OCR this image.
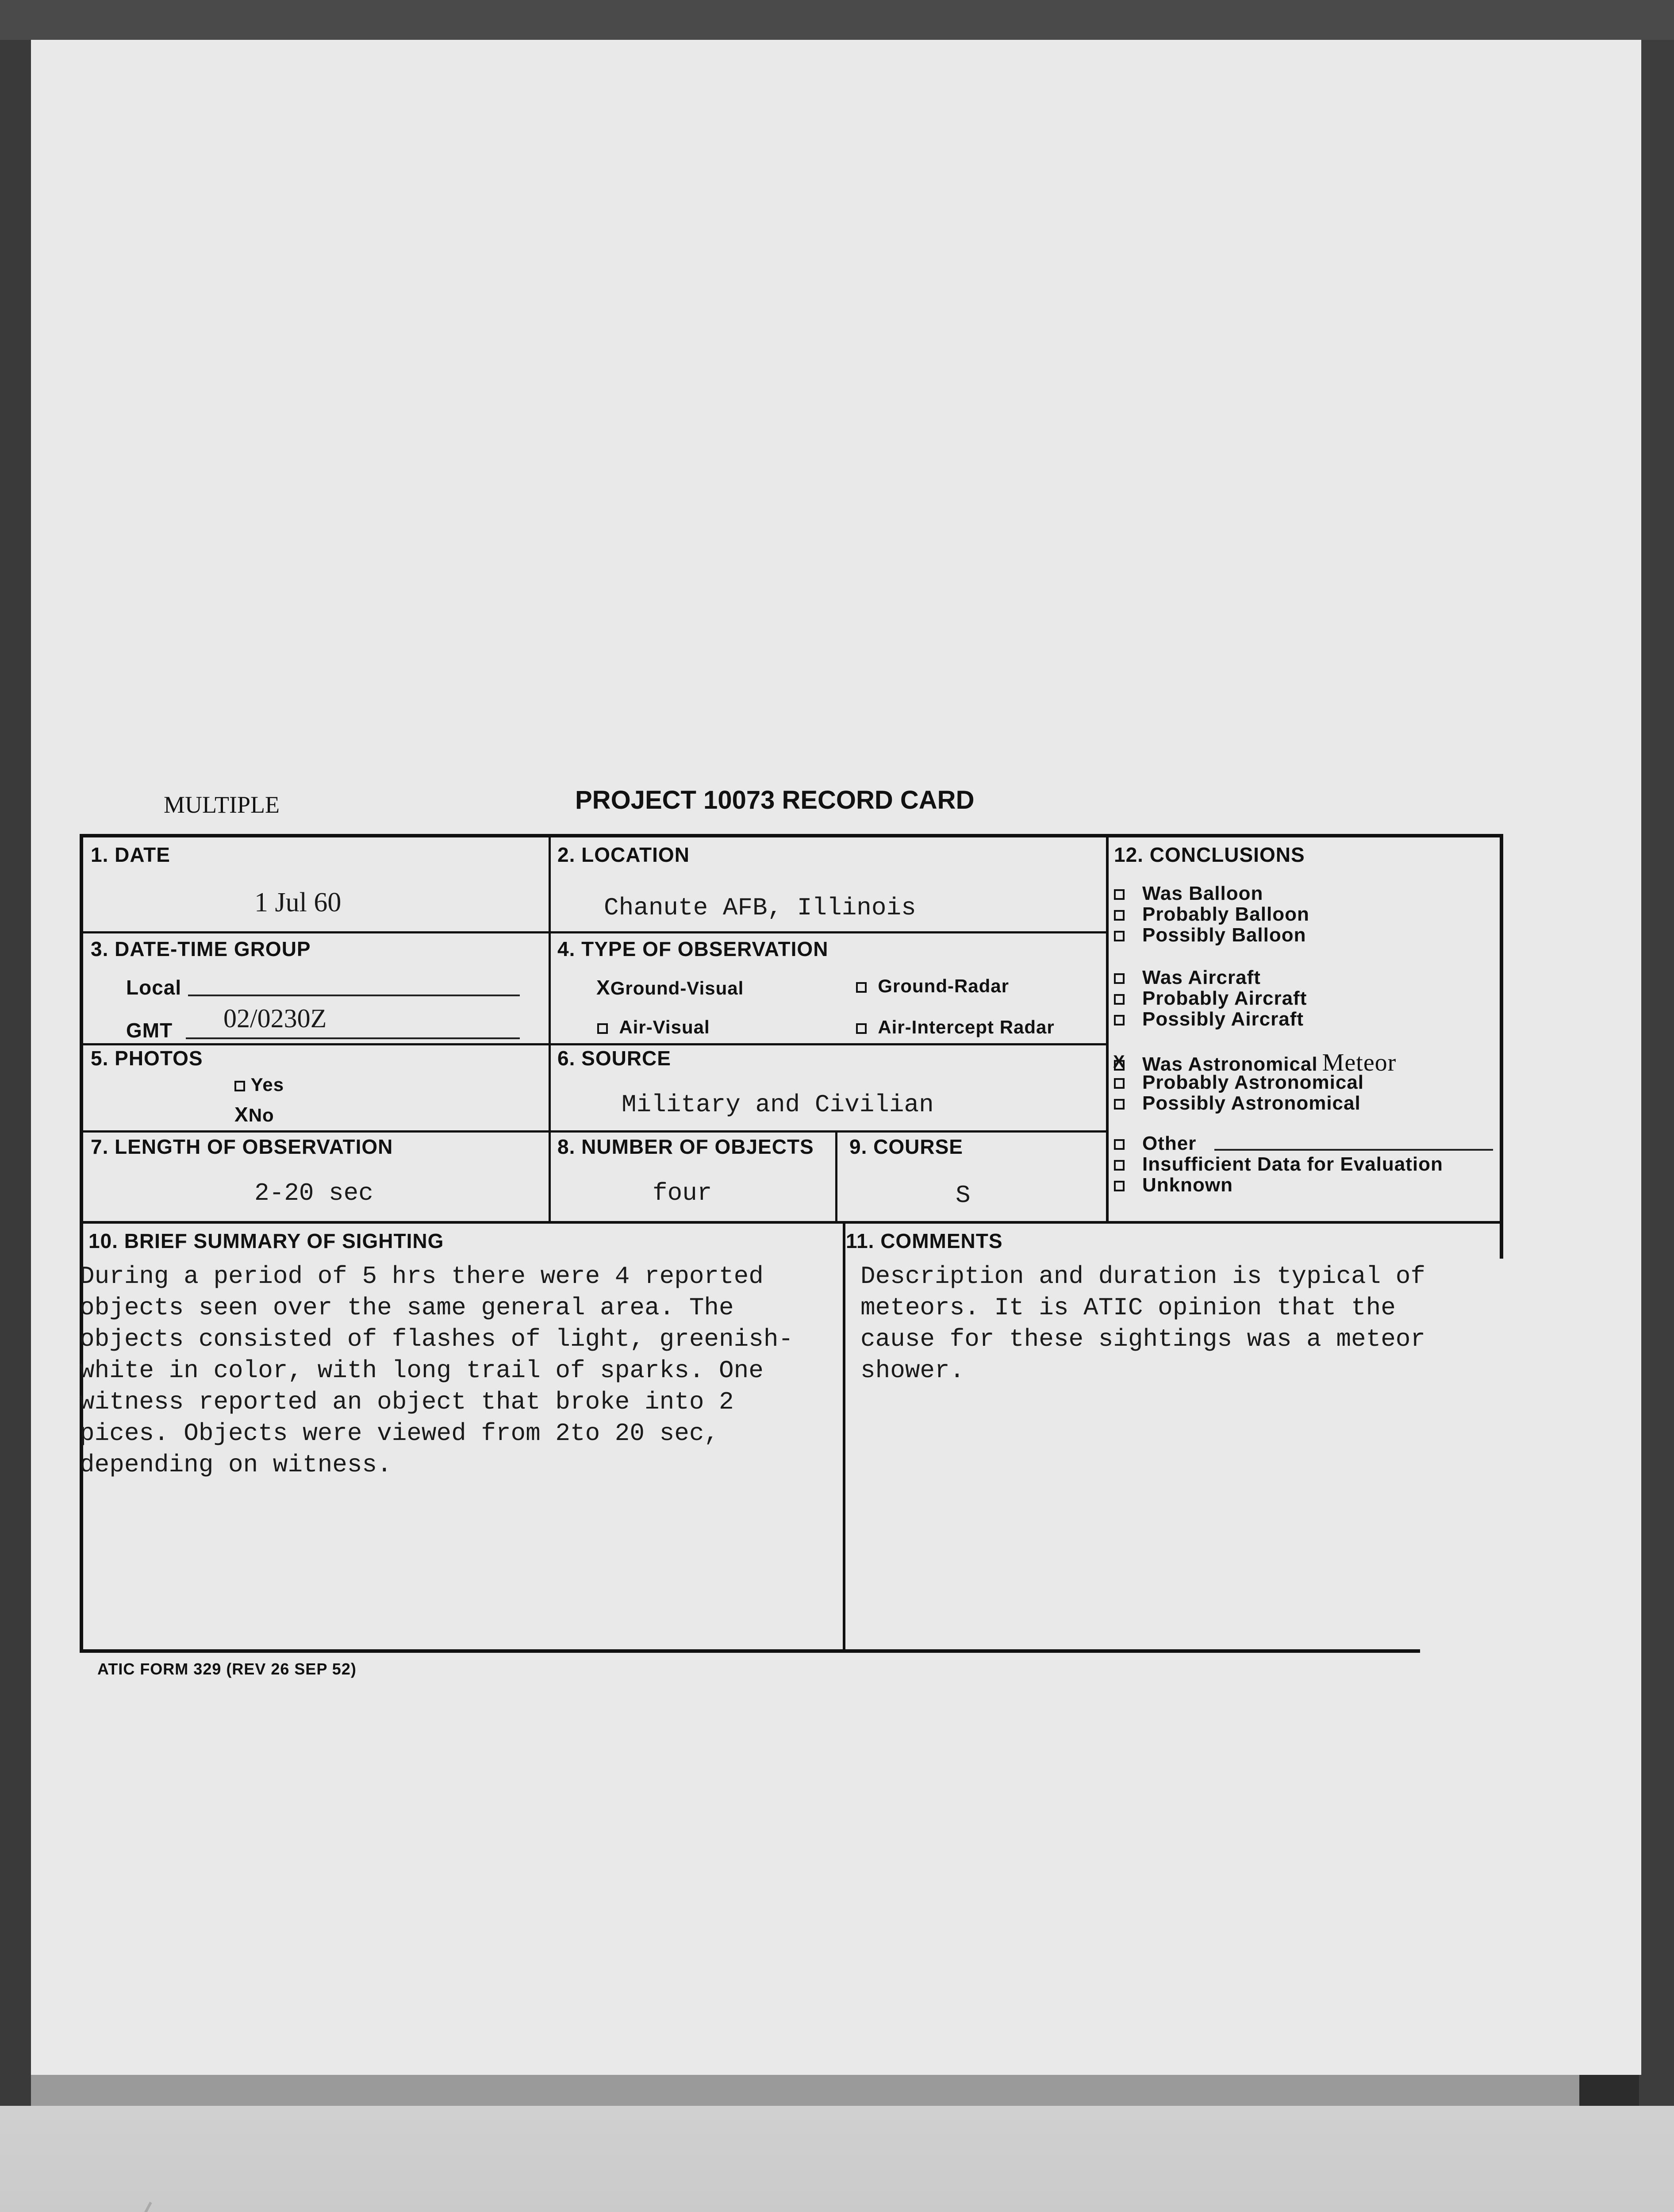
MULTIPLE	PROJECT 10073 RECORD CARD
1. DATE
1 Jul 60
2. LOCATION
Chanute AFB, Illinois
3. DATE-TIME GROUP
Local
GMT 02/0230Z
4. TYPE OF OBSERVATION
XGround-Visual	Ground-Radar
Air-Visual	Air-Intercept Radar
5. PHOTOS
Yes
XNo
6. SOURCE
Military and Civilian
7. LENGTH OF OBSERVATION
2-20 sec
8. NUMBER OF OBJECTS
four
9. COURSE
S
12. CONCLUSIONS
Was Balloon
Probably Balloon
Possibly Balloon
Was Aircraft
Probably Aircraft
Possibly Aircraft
X Was Astronomical Meteor
Probably Astronomical
Possibly Astronomical
Other
Insufficient Data for Evaluation
Unknown
10. BRIEF SUMMARY OF SIGHTING
During a period of 5 hrs there were 4 reported
objects seen over the same general area. The
objects consisted of flashes of light, greenish-
white in color, with long trail of sparks. One
witness reported an object that broke into 2
pices. Objects were viewed from 2to 20 sec,
depending on witness.
11. COMMENTS
Description and duration is typical of
meteors. It is ATIC opinion that the
cause for these sightings was a meteor
shower.
ATIC FORM 329 (REV 26 SEP 52)
